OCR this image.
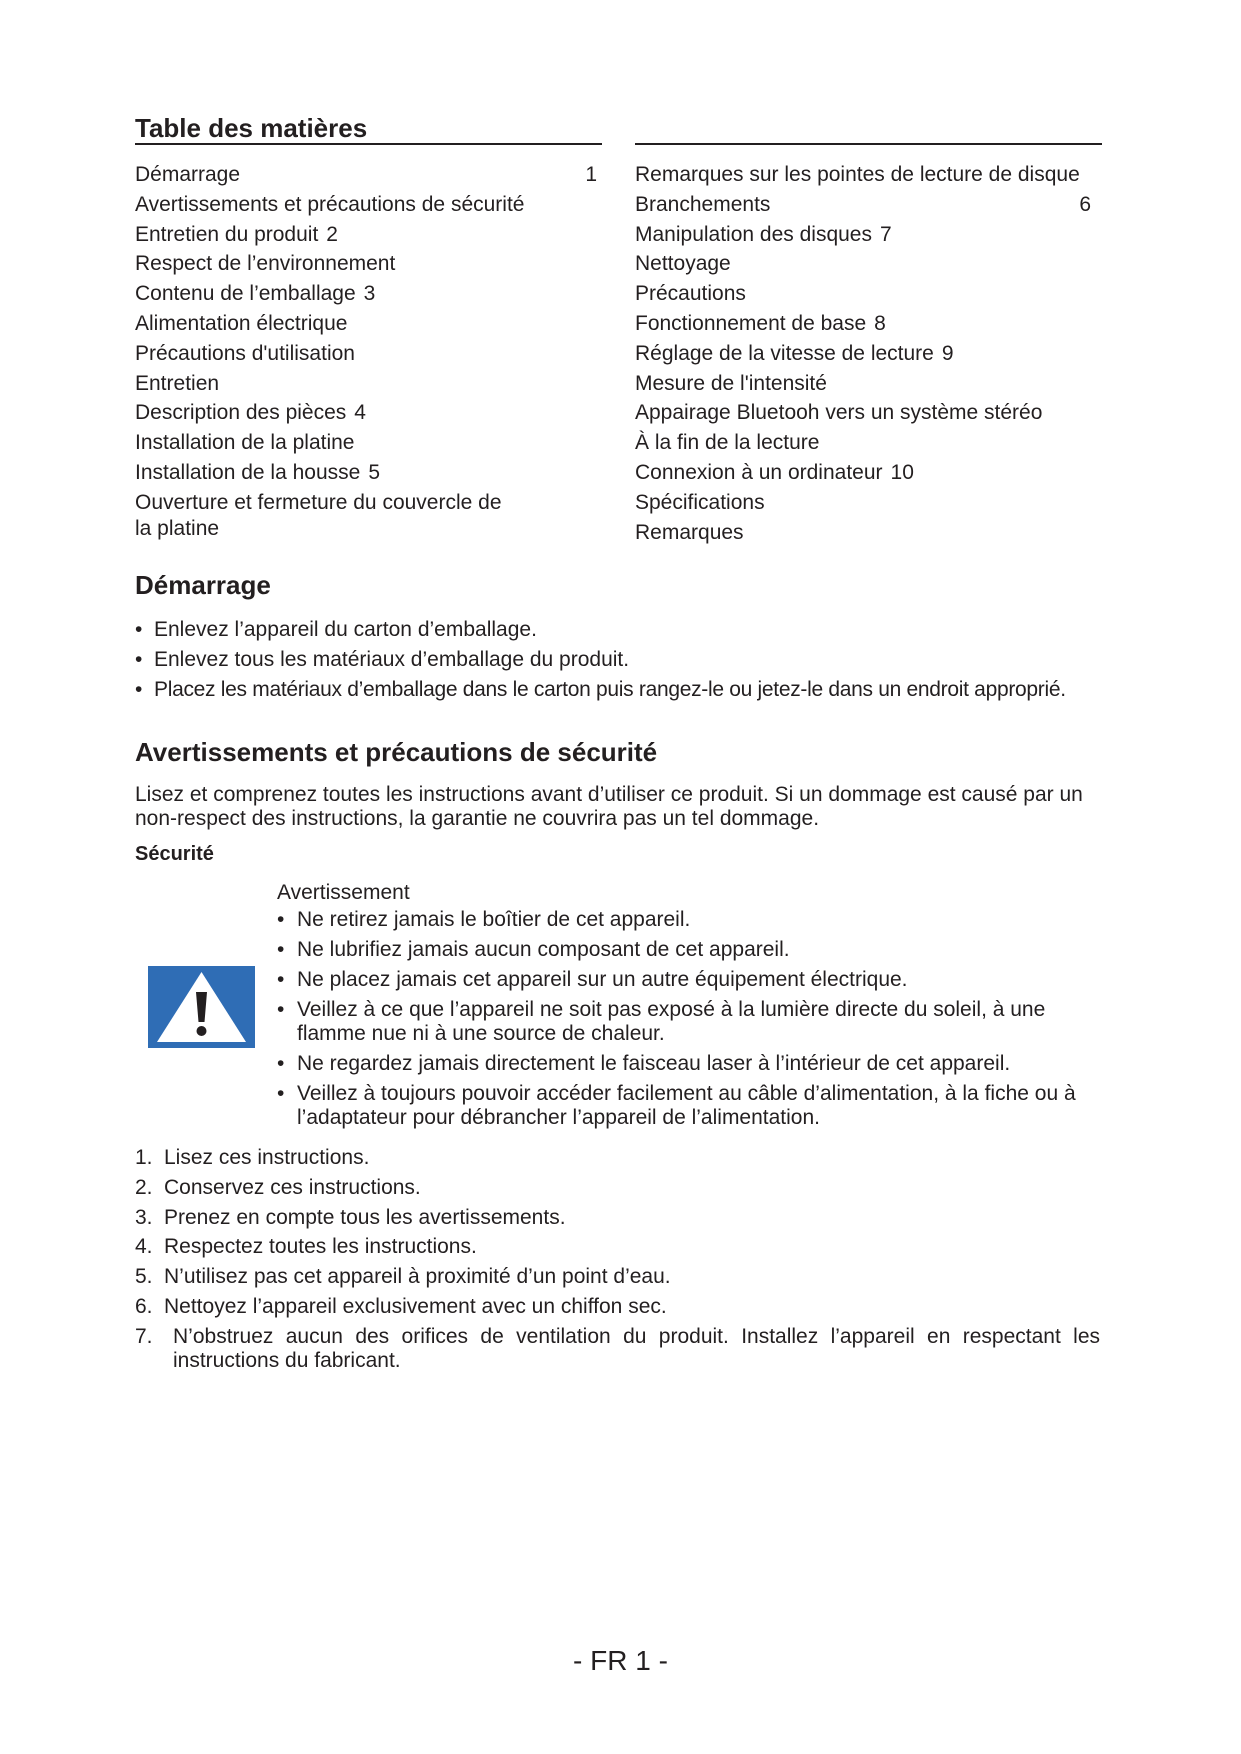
Table des matières
Démarrage	1
Avertissements et précautions de sécurité
Entretien du produit 2
Respect de l’environnement
Contenu de l’emballage 3
Alimentation électrique
Précautions d'utilisation
Entretien
Description des pièces 4
Installation de la platine
Installation de la housse 5
Ouverture et fermeture du couvercle de la platine
Remarques sur les pointes de lecture de disque
Branchements	6
Manipulation des disques 7
Nettoyage
Précautions
Fonctionnement de base 8
Réglage de la vitesse de lecture 9
Mesure de l'intensité
Appairage Bluetooh vers un système stéréo
À la fin de la lecture
Connexion à un ordinateur 10
Spécifications
Remarques
Démarrage
• Enlevez l’appareil du carton d’emballage.
• Enlevez tous les matériaux d’emballage du produit.
• Placez les matériaux d’emballage dans le carton puis rangez-le ou jetez-le dans un endroit approprié.
Avertissements et précautions de sécurité

Lisez et comprenez toutes les instructions avant d’utiliser ce produit. Si un dommage est causé par un non-respect des instructions, la garantie ne couvrira pas un tel dommage.

Sécurité
Avertissement
• Ne retirez jamais le boîtier de cet appareil.
• Ne lubrifiez jamais aucun composant de cet appareil.
• Ne placez jamais cet appareil sur un autre équipement électrique.
• Veillez à ce que l’appareil ne soit pas exposé à la lumière directe du soleil, à une flamme nue ni à une source de chaleur.
• Ne regardez jamais directement le faisceau laser à l’intérieur de cet appareil.
• Veillez à toujours pouvoir accéder facilement au câble d’alimentation, à la fiche ou à l’adaptateur pour débrancher l’appareil de l’alimentation.
1. Lisez ces instructions.
2. Conservez ces instructions.
3. Prenez en compte tous les avertissements.
4. Respectez toutes les instructions.
5. N’utilisez pas cet appareil à proximité d’un point d’eau.
6. Nettoyez l’appareil exclusivement avec un chiffon sec.
7. N’obstruez aucun des orifices de ventilation du produit. Installez l’appareil en respectant les instructions du fabricant.
- FR 1 -
